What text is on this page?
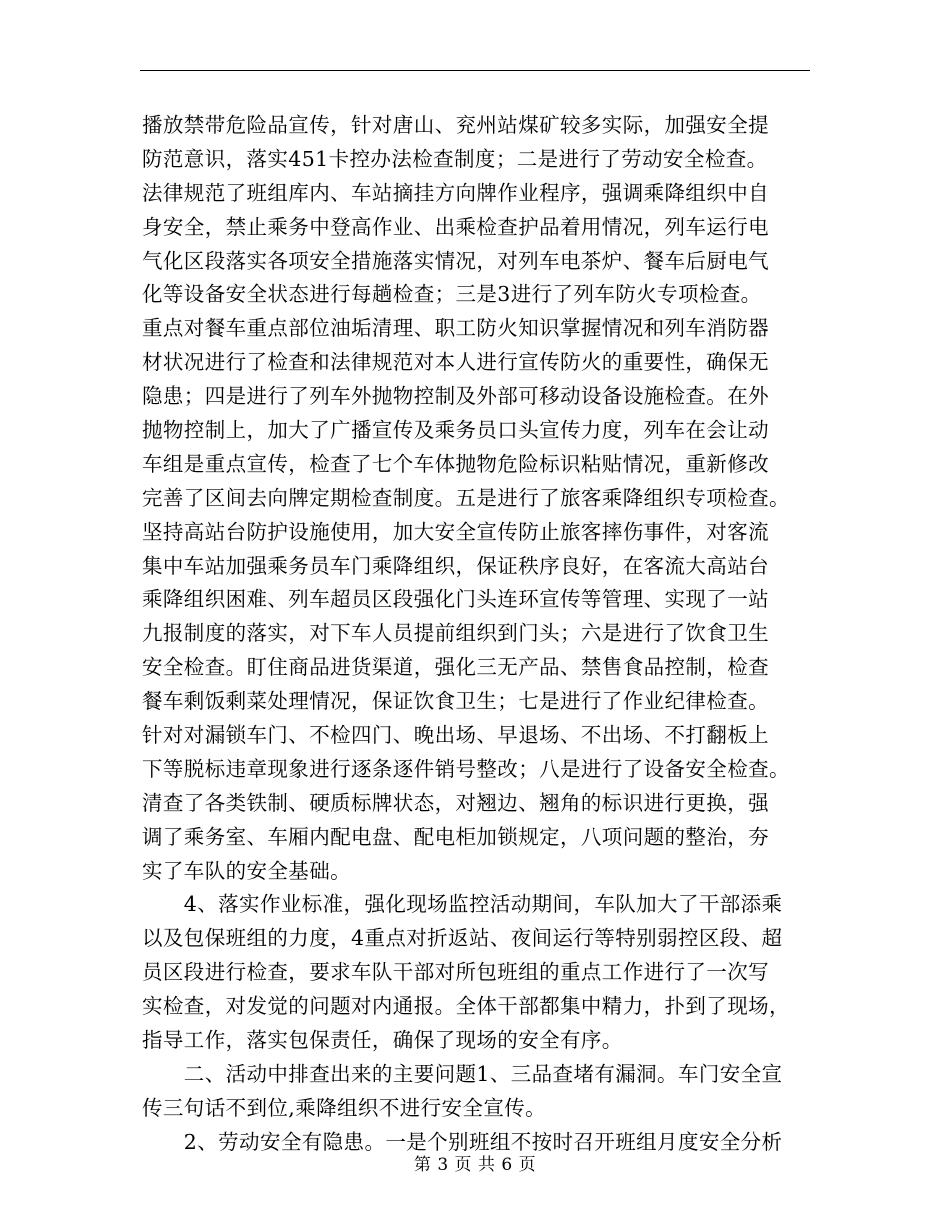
播放禁带危险品宣传，针对唐山、兖州站煤矿较多实际，加强安全提
防范意识，落实451卡控办法检查制度；二是进行了劳动安全检查。
法律规范了班组库内、车站摘挂方向牌作业程序，强调乘降组织中自
身安全，禁止乘务中登高作业、出乘检查护品着用情况，列车运行电
气化区段落实各项安全措施落实情况，对列车电茶炉、餐车后厨电气
化等设备安全状态进行每趟检查；三是3进行了列车防火专项检查。
重点对餐车重点部位油垢清理、职工防火知识掌握情况和列车消防器
材状况进行了检查和法律规范对本人进行宣传防火的重要性，确保无
隐患；四是进行了列车外抛物控制及外部可移动设备设施检查。在外
抛物控制上，加大了广播宣传及乘务员口头宣传力度，列车在会让动
车组是重点宣传，检查了七个车体抛物危险标识粘贴情况，重新修改
完善了区间去向牌定期检查制度。五是进行了旅客乘降组织专项检查。
坚持高站台防护设施使用，加大安全宣传防止旅客摔伤事件，对客流
集中车站加强乘务员车门乘降组织，保证秩序良好，在客流大高站台
乘降组织困难、列车超员区段强化门头连环宣传等管理、实现了一站
九报制度的落实，对下车人员提前组织到门头；六是进行了饮食卫生
安全检查。盯住商品进货渠道，强化三无产品、禁售食品控制，检查
餐车剩饭剩菜处理情况，保证饮食卫生；七是进行了作业纪律检查。
针对对漏锁车门、不检四门、晚出场、早退场、不出场、不打翻板上
下等脱标违章现象进行逐条逐件销号整改；八是进行了设备安全检查。
清查了各类铁制、硬质标牌状态，对翘边、翘角的标识进行更换，强
调了乘务室、车厢内配电盘、配电柜加锁规定，八项问题的整治，夯
实了车队的安全基础。
　　4、落实作业标准，强化现场监控活动期间，车队加大了干部添乘
以及包保班组的力度，4重点对折返站、夜间运行等特别弱控区段、超
员区段进行检查，要求车队干部对所包班组的重点工作进行了一次写
实检查，对发觉的问题对内通报。全体干部都集中精力，扑到了现场，
指导工作，落实包保责任，确保了现场的安全有序。
　　二、活动中排查出来的主要问题1、三品查堵有漏洞。车门安全宣
传三句话不到位,乘降组织不进行安全宣传。
　　2、劳动安全有隐患。一是个别班组不按时召开班组月度安全分析
第 3 页 共 6 页
